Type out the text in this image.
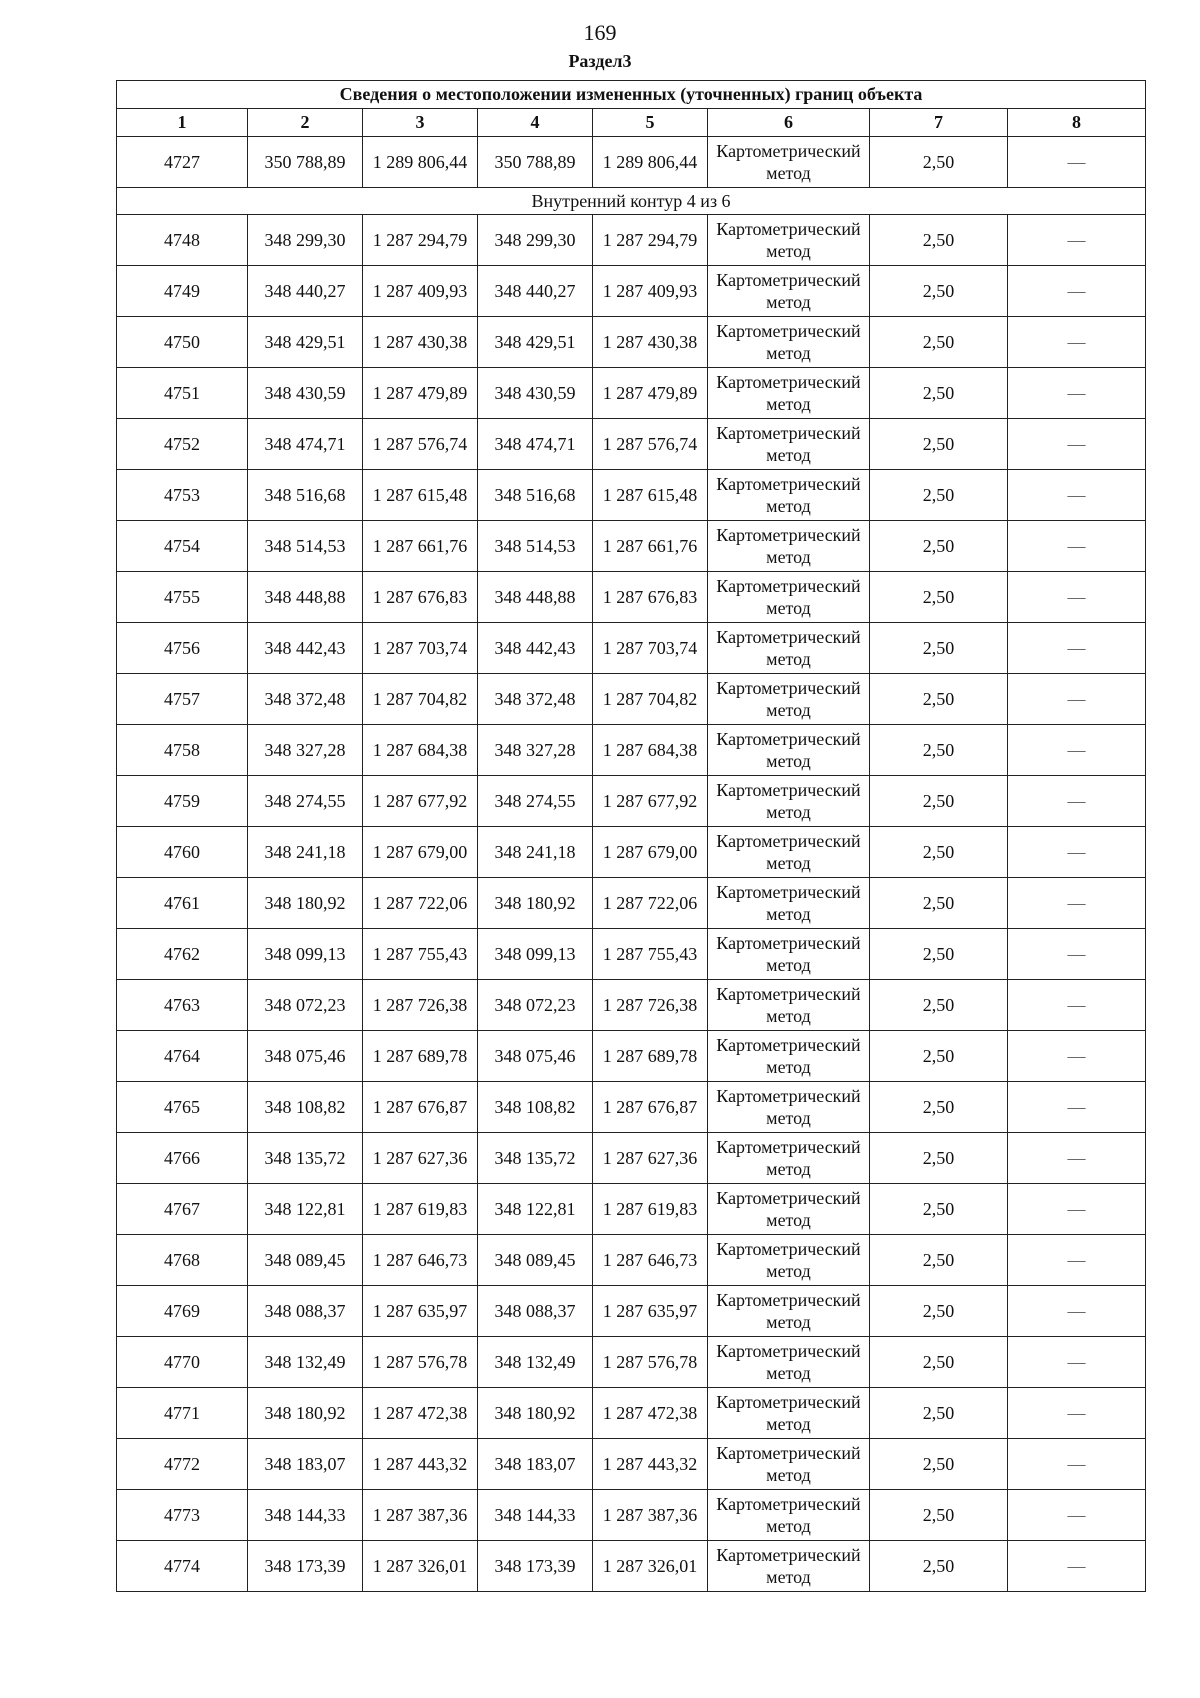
169
Раздел3
Сведения о местоположении измененных (уточненных) границ объекта							
1	2	3	4	5	6	7	8
4727	350 788,89	1 289 806,44	350 788,89	1 289 806,44	Картометрический метод	2,50	—
Внутренний контур 4 из 6							
4748	348 299,30	1 287 294,79	348 299,30	1 287 294,79	Картометрический метод	2,50	—
4749	348 440,27	1 287 409,93	348 440,27	1 287 409,93	Картометрический метод	2,50	—
4750	348 429,51	1 287 430,38	348 429,51	1 287 430,38	Картометрический метод	2,50	—
4751	348 430,59	1 287 479,89	348 430,59	1 287 479,89	Картометрический метод	2,50	—
4752	348 474,71	1 287 576,74	348 474,71	1 287 576,74	Картометрический метод	2,50	—
4753	348 516,68	1 287 615,48	348 516,68	1 287 615,48	Картометрический метод	2,50	—
4754	348 514,53	1 287 661,76	348 514,53	1 287 661,76	Картометрический метод	2,50	—
4755	348 448,88	1 287 676,83	348 448,88	1 287 676,83	Картометрический метод	2,50	—
4756	348 442,43	1 287 703,74	348 442,43	1 287 703,74	Картометрический метод	2,50	—
4757	348 372,48	1 287 704,82	348 372,48	1 287 704,82	Картометрический метод	2,50	—
4758	348 327,28	1 287 684,38	348 327,28	1 287 684,38	Картометрический метод	2,50	—
4759	348 274,55	1 287 677,92	348 274,55	1 287 677,92	Картометрический метод	2,50	—
4760	348 241,18	1 287 679,00	348 241,18	1 287 679,00	Картометрический метод	2,50	—
4761	348 180,92	1 287 722,06	348 180,92	1 287 722,06	Картометрический метод	2,50	—
4762	348 099,13	1 287 755,43	348 099,13	1 287 755,43	Картометрический метод	2,50	—
4763	348 072,23	1 287 726,38	348 072,23	1 287 726,38	Картометрический метод	2,50	—
4764	348 075,46	1 287 689,78	348 075,46	1 287 689,78	Картометрический метод	2,50	—
4765	348 108,82	1 287 676,87	348 108,82	1 287 676,87	Картометрический метод	2,50	—
4766	348 135,72	1 287 627,36	348 135,72	1 287 627,36	Картометрический метод	2,50	—
4767	348 122,81	1 287 619,83	348 122,81	1 287 619,83	Картометрический метод	2,50	—
4768	348 089,45	1 287 646,73	348 089,45	1 287 646,73	Картометрический метод	2,50	—
4769	348 088,37	1 287 635,97	348 088,37	1 287 635,97	Картометрический метод	2,50	—
4770	348 132,49	1 287 576,78	348 132,49	1 287 576,78	Картометрический метод	2,50	—
4771	348 180,92	1 287 472,38	348 180,92	1 287 472,38	Картометрический метод	2,50	—
4772	348 183,07	1 287 443,32	348 183,07	1 287 443,32	Картометрический метод	2,50	—
4773	348 144,33	1 287 387,36	348 144,33	1 287 387,36	Картометрический метод	2,50	—
4774	348 173,39	1 287 326,01	348 173,39	1 287 326,01	Картометрический метод	2,50	—
